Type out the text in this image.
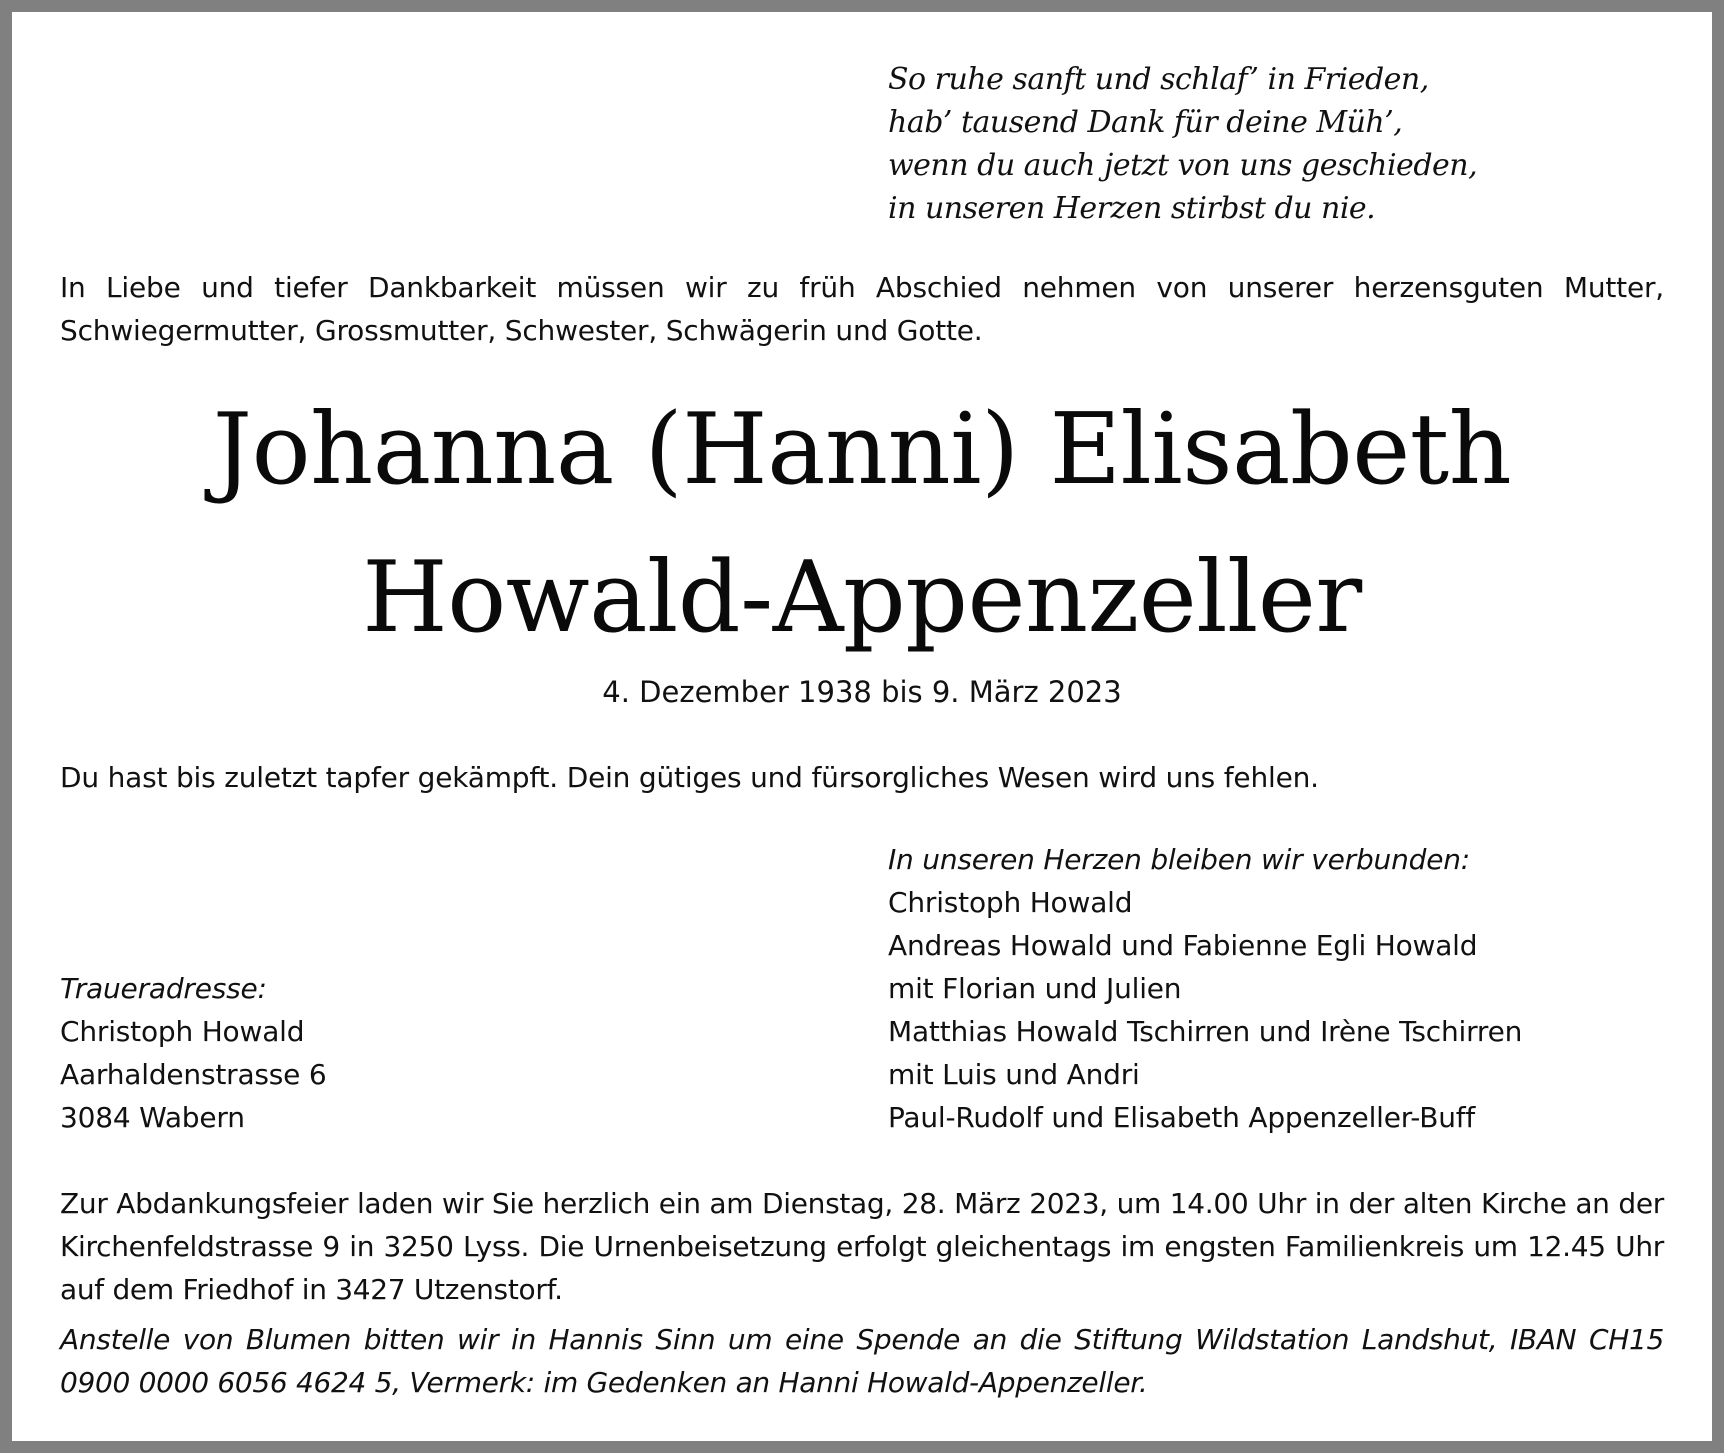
So ruhe sanft und schlaf’ in Frieden,
hab’ tausend Dank für deine Müh’,
wenn du auch jetzt von uns geschieden,
in unseren Herzen stirbst du nie.
In Liebe und tiefer Dankbarkeit müssen wir zu früh Abschied nehmen von unserer herzensguten Mutter, Schwiegermutter, Grossmutter, Schwester, Schwägerin und Gotte.
Johanna (Hanni) Elisabeth
Howald-Appenzeller
4. Dezember 1938 bis 9. März 2023
Du hast bis zuletzt tapfer gekämpft. Dein gütiges und fürsorgliches Wesen wird uns fehlen.
In unseren Herzen bleiben wir verbunden:
Christoph Howald
Andreas Howald und Fabienne Egli Howald
mit Florian und Julien
Matthias Howald Tschirren und Irène Tschirren
mit Luis und Andri
Paul-Rudolf und Elisabeth Appenzeller-Buff
Traueradresse:
Christoph Howald
Aarhaldenstrasse 6
3084 Wabern
Zur Abdankungsfeier laden wir Sie herzlich ein am Dienstag, 28. März 2023, um 14.00 Uhr in der alten Kirche an der Kirchenfeldstrasse 9 in 3250 Lyss. Die Urnenbeisetzung erfolgt gleichentags im engsten Familienkreis um 12.45 Uhr auf dem Friedhof in 3427 Utzenstorf.
Anstelle von Blumen bitten wir in Hannis Sinn um eine Spende an die Stiftung Wildstation Landshut, IBAN CH15 0900 0000 6056 4624 5, Vermerk: im Gedenken an Hanni Howald-Appenzeller.
